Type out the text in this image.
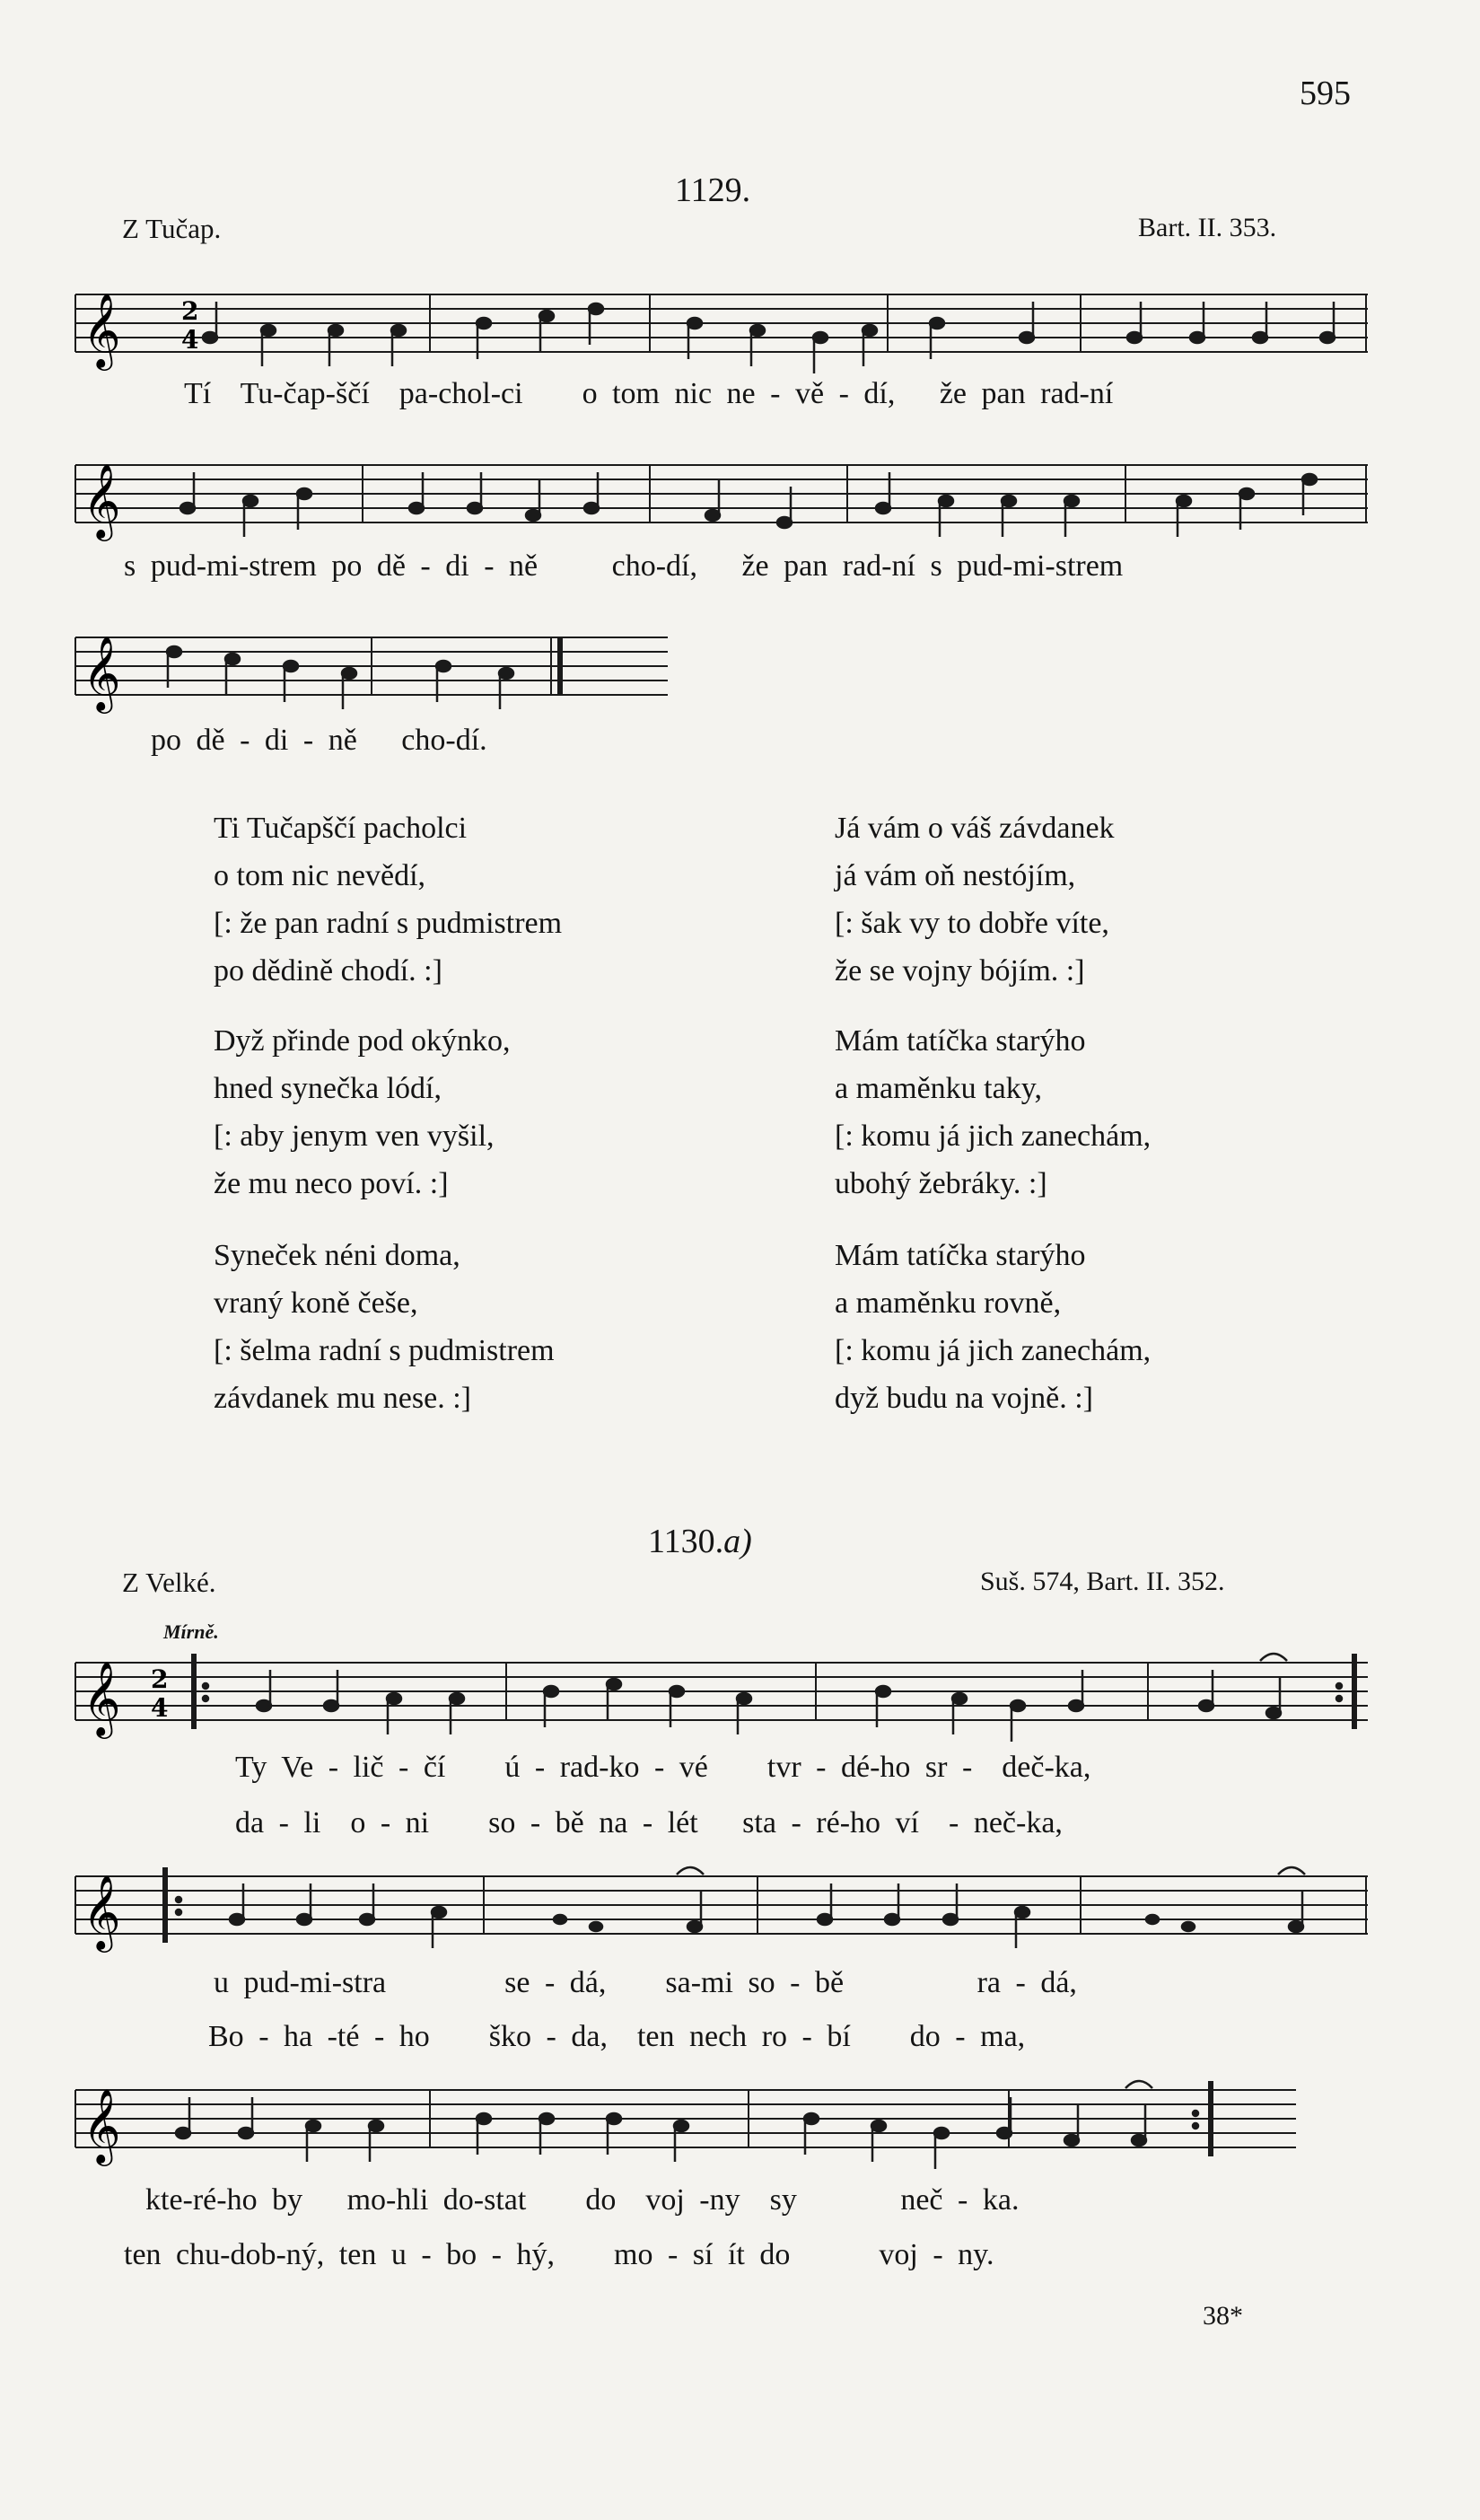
595
1129.
Z Tučap.	Bart. II. 353.
𝄞 2
4
Tí Tu-čap-ščí pa-chol-ci o tom nic ne - vě - dí, že pan rad-ní
𝄞
s pud-mi-strem po dě - di - ně cho-dí, že pan rad-ní s pud-mi-strem
𝄞
po dě - di - ně cho-dí.
Ti Tučapščí pacholci
o tom nic nevědí,
[: že pan radní s pudmistrem
po dědině chodí. :]
Dyž přinde pod okýnko,
hned synečka lódí,
[: aby jenym ven vyšil,
že mu neco poví. :]
Syneček néni doma,
vraný koně češe,
[: šelma radní s pudmistrem
závdanek mu nese. :]
Já vám o váš závdanek
já vám oň nestójím,
[: šak vy to dobře víte,
že se vojny bójím. :]
Mám tatíčka starýho
a maměnku taky,
[: komu já jich zanechám,
ubohý žebráky. :]
Mám tatíčka starýho
a maměnku rovně,
[: komu já jich zanechám,
dyž budu na vojně. :]
1130.a)
Z Velké.	Suš. 574, Bart. II. 352.
Mírně.
𝄞 2
4
Ty Ve - lič - čí ú - rad-ko - vé tvr - dé-ho sr - deč-ka,
da - li o - ni so - bě na - lét sta - ré-ho ví - neč-ka,
𝄞
u pud-mi-stra	se - dá, sa-mi so - bě	ra - dá,
Bo - ha -té - ho ško - da, ten nech ro - bí do - ma,
𝄞
kte-ré-ho by mo-hli do-stat do voj -ny sy	neč - ka.
ten chu-dob-ný, ten u - bo - hý, mo - sí ít do	voj - ny.
38*
